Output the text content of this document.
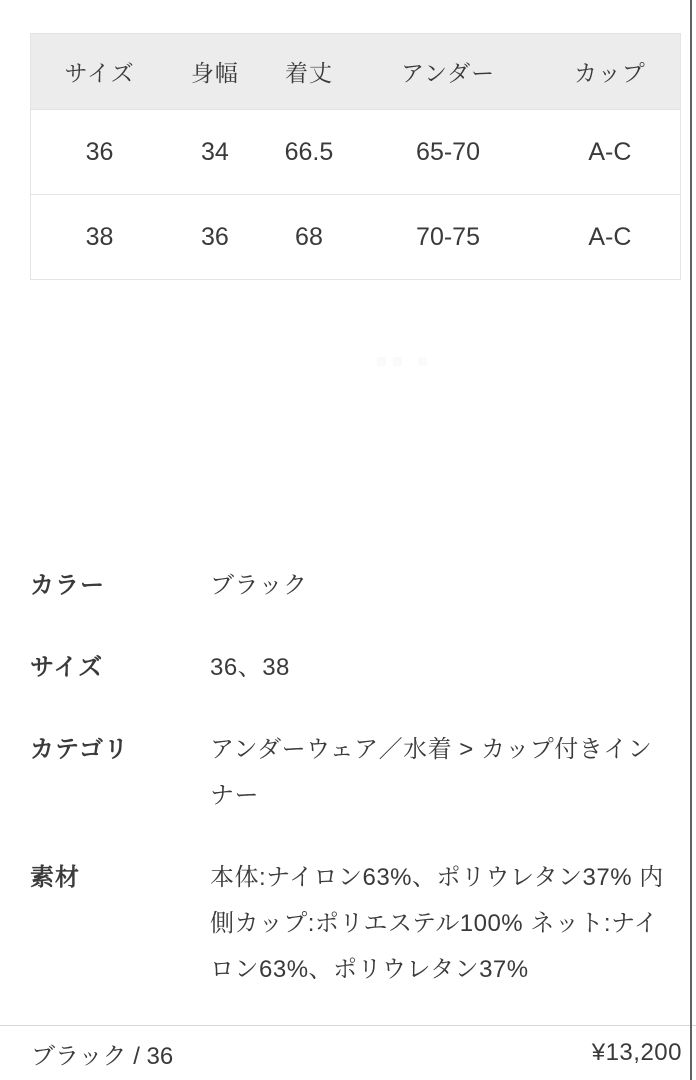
サイズ	身幅	着丈	アンダー	カップ
36	34	66.5	65-70	A-C
38	36	68	70-75	A-C
カラー	ブラック
サイズ	36、38
カテゴリ	アンダーウェア／水着 > カップ付きインナー
素材	本体:ナイロン63%、ポリウレタン37% 内側カップ:ポリエステル100% ネット:ナイロン63%、ポリウレタン37%
ブラック / 36	¥13,200
